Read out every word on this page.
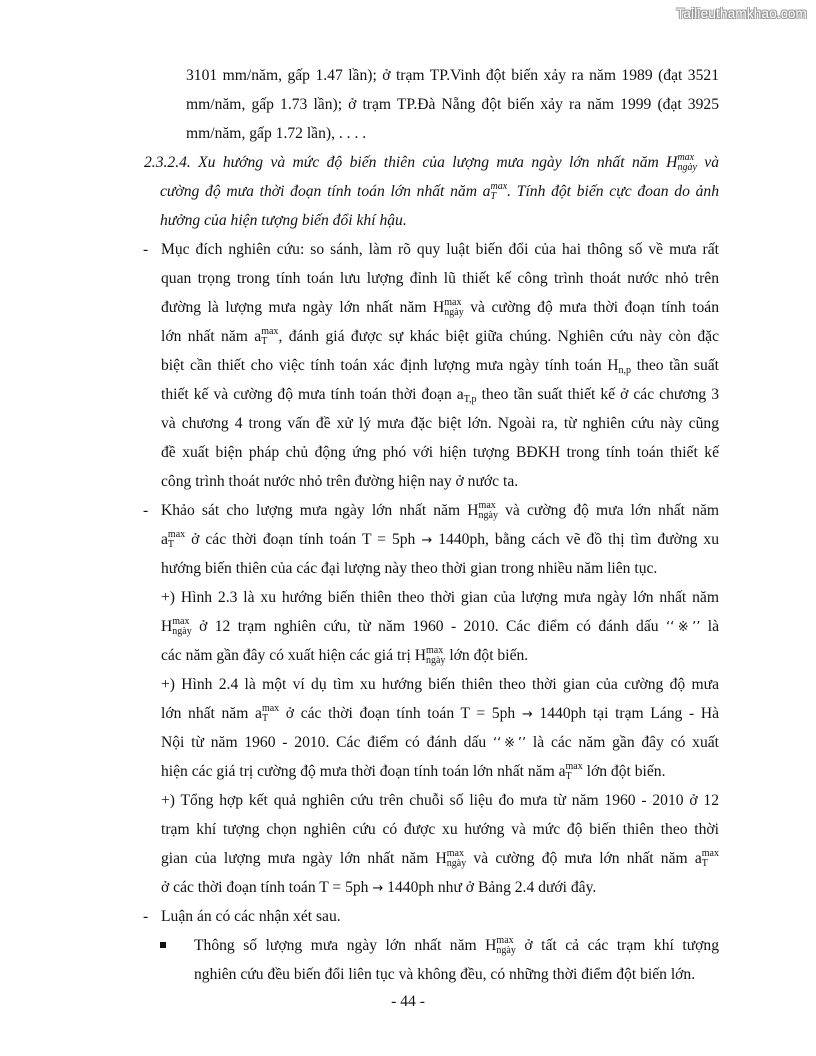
Tailieuthamkhao.com
3101 mm/năm, gấp 1.47 lần); ở trạm TP.Vinh đột biến xảy ra năm 1989 (đạt 3521
mm/năm, gấp 1.73 lần); ở trạm TP.Đà Nẵng đột biến xảy ra năm 1999 (đạt 3925
mm/năm, gấp 1.72 lần), . . . .
2.3.2.4. Xu hướng và mức độ biến thiên của lượng mưa ngày lớn nhất năm $H_{ngày}^{max}$ và
cường độ mưa thời đoạn tính toán lớn nhất năm $a_T^{max}$. Tính đột biến cực đoan do ảnh
hưởng của hiện tượng biến đổi khí hậu.
- Mục đích nghiên cứu: so sánh, làm rõ quy luật biến đổi của hai thông số về mưa rất
quan trọng trong tính toán lưu lượng đỉnh lũ thiết kế công trình thoát nước nhỏ trên
đường là lượng mưa ngày lớn nhất năm $H_{ngày}^{max}$ và cường độ mưa thời đoạn tính toán
lớn nhất năm $a_T^{max}$, đánh giá được sự khác biệt giữa chúng. Nghiên cứu này còn đặc
biệt cần thiết cho việc tính toán xác định lượng mưa ngày tính toán $H_{n,p}$ theo tần suất
thiết kế và cường độ mưa tính toán thời đoạn $a_{T,p}$ theo tần suất thiết kế ở các chương 3
và chương 4 trong vấn đề xử lý mưa đặc biệt lớn. Ngoài ra, từ nghiên cứu này cũng
đề xuất biện pháp chủ động ứng phó với hiện tượng BĐKH trong tính toán thiết kế
công trình thoát nước nhỏ trên đường hiện nay ở nước ta.
- Khảo sát cho lượng mưa ngày lớn nhất năm $H_{ngày}^{max}$ và cường độ mưa lớn nhất năm
$a_T^{max}$ ở các thời đoạn tính toán T = 5ph → 1440ph, bằng cách vẽ đồ thị tìm đường xu
hướng biến thiên của các đại lượng này theo thời gian trong nhiều năm liên tục.
+) Hình 2.3 là xu hướng biến thiên theo thời gian của lượng mưa ngày lớn nhất năm
$H_{ngày}^{max}$ ở 12 trạm nghiên cứu, từ năm 1960 - 2010. Các điểm có đánh dấu ‘‘※’’ là
các năm gần đây có xuất hiện các giá trị $H_{ngày}^{max}$ lớn đột biến.
+) Hình 2.4 là một ví dụ tìm xu hướng biến thiên theo thời gian của cường độ mưa
lớn nhất năm $a_T^{max}$ ở các thời đoạn tính toán T = 5ph → 1440ph tại trạm Láng - Hà
Nội từ năm 1960 - 2010. Các điểm có đánh dấu ‘‘※’’ là các năm gần đây có xuất
hiện các giá trị cường độ mưa thời đoạn tính toán lớn nhất năm $a_T^{max}$ lớn đột biến.
+) Tổng hợp kết quả nghiên cứu trên chuỗi số liệu đo mưa từ năm 1960 - 2010 ở 12
trạm khí tượng chọn nghiên cứu có được xu hướng và mức độ biến thiên theo thời
gian của lượng mưa ngày lớn nhất năm $H_{ngày}^{max}$ và cường độ mưa lớn nhất năm $a_T^{max}$
ở các thời đoạn tính toán T = 5ph → 1440ph như ở Bảng 2.4 dưới đây.
- Luận án có các nhận xét sau.
Thông số lượng mưa ngày lớn nhất năm $H_{ngày}^{max}$ ở tất cả các trạm khí tượng
nghiên cứu đều biến đổi liên tục và không đều, có những thời điểm đột biến lớn.
- 44 -
